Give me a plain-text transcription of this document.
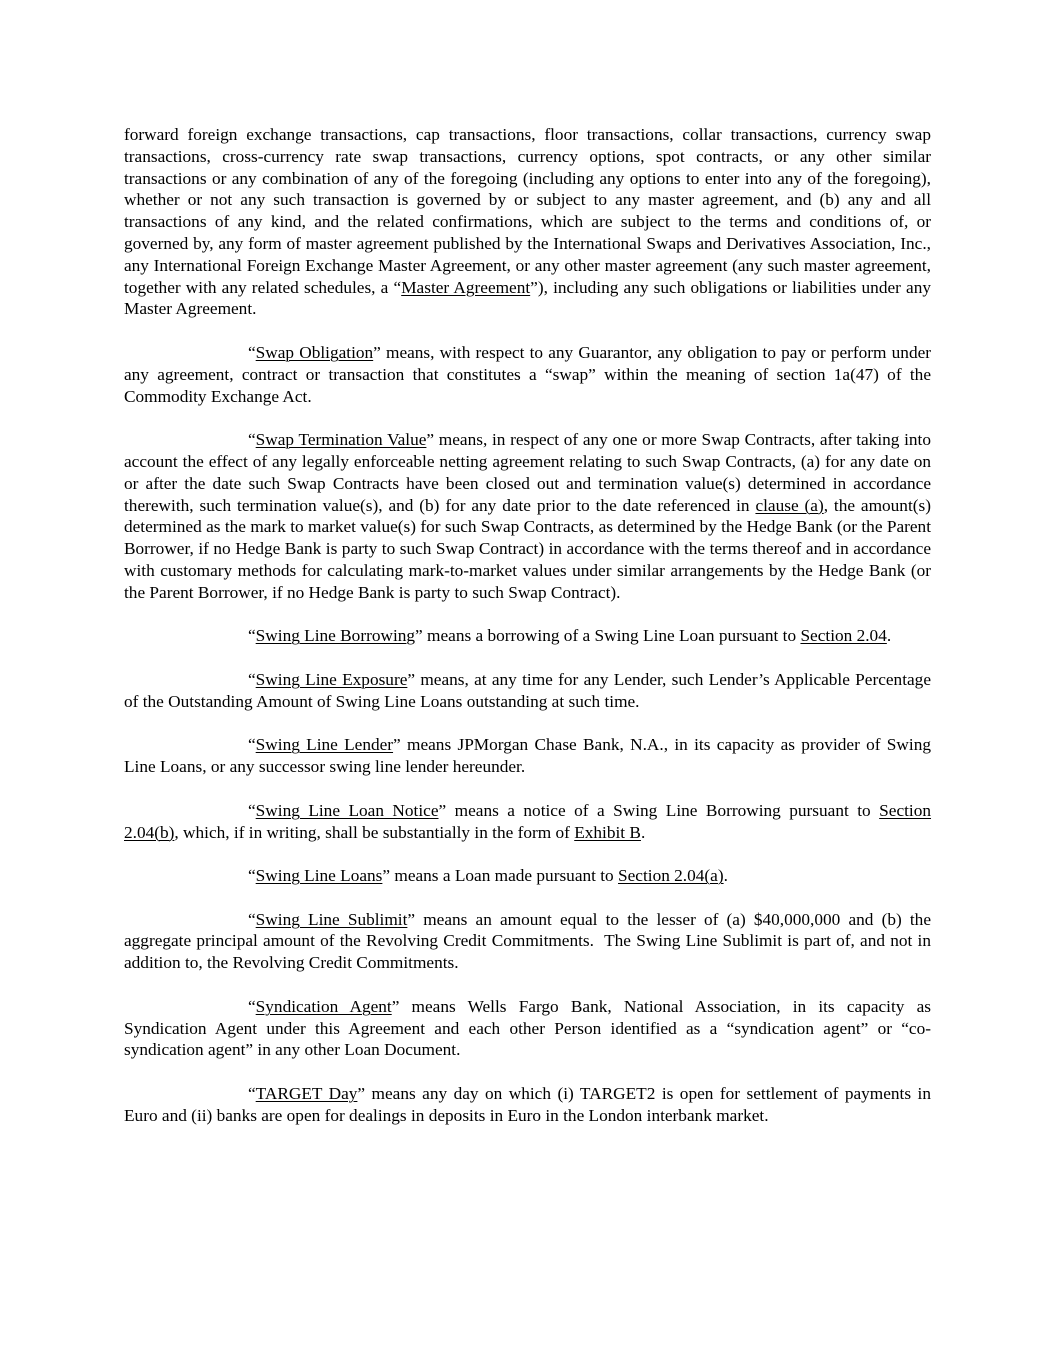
forward foreign exchange transactions, cap transactions, floor transactions, collar transactions, currency swap transactions, cross-currency rate swap transactions, currency options, spot contracts, or any other similar transactions or any combination of any of the foregoing (including any options to enter into any of the foregoing), whether or not any such transaction is governed by or subject to any master agreement, and (b) any and all transactions of any kind, and the related confirmations, which are subject to the terms and conditions of, or governed by, any form of master agreement published by the International Swaps and Derivatives Association, Inc., any International Foreign Exchange Master Agreement, or any other master agreement (any such master agreement, together with any related schedules, a “Master Agreement”), including any such obligations or liabilities under any Master Agreement.

“Swap Obligation” means, with respect to any Guarantor, any obligation to pay or perform under any agreement, contract or transaction that constitutes a “swap” within the meaning of section 1a(47) of the Commodity Exchange Act.

“Swap Termination Value” means, in respect of any one or more Swap Contracts, after taking into account the effect of any legally enforceable netting agreement relating to such Swap Contracts, (a) for any date on or after the date such Swap Contracts have been closed out and termination value(s) determined in accordance therewith, such termination value(s), and (b) for any date prior to the date referenced in clause (a), the amount(s) determined as the mark to market value(s) for such Swap Contracts, as determined by the Hedge Bank (or the Parent Borrower, if no Hedge Bank is party to such Swap Contract) in accordance with the terms thereof and in accordance with customary methods for calculating mark-to-market values under similar arrangements by the Hedge Bank (or the Parent Borrower, if no Hedge Bank is party to such Swap Contract).

“Swing Line Borrowing” means a borrowing of a Swing Line Loan pursuant to Section 2.04.

“Swing Line Exposure” means, at any time for any Lender, such Lender’s Applicable Percentage of the Outstanding Amount of Swing Line Loans outstanding at such time.

“Swing Line Lender” means JPMorgan Chase Bank, N.A., in its capacity as provider of Swing Line Loans, or any successor swing line lender hereunder.

“Swing Line Loan Notice” means a notice of a Swing Line Borrowing pursuant to Section 2.04(b), which, if in writing, shall be substantially in the form of Exhibit B.

“Swing Line Loans” means a Loan made pursuant to Section 2.04(a).

“Swing Line Sublimit” means an amount equal to the lesser of (a) $40,000,000 and (b) the aggregate principal amount of the Revolving Credit Commitments.  The Swing Line Sublimit is part of, and not in addition to, the Revolving Credit Commitments.

“Syndication Agent” means Wells Fargo Bank, National Association, in its capacity as Syndication Agent under this Agreement and each other Person identified as a “syndication agent” or “co-syndication agent” in any other Loan Document.

“TARGET Day” means any day on which (i) TARGET2 is open for settlement of payments in Euro and (ii) banks are open for dealings in deposits in Euro in the London interbank market.
